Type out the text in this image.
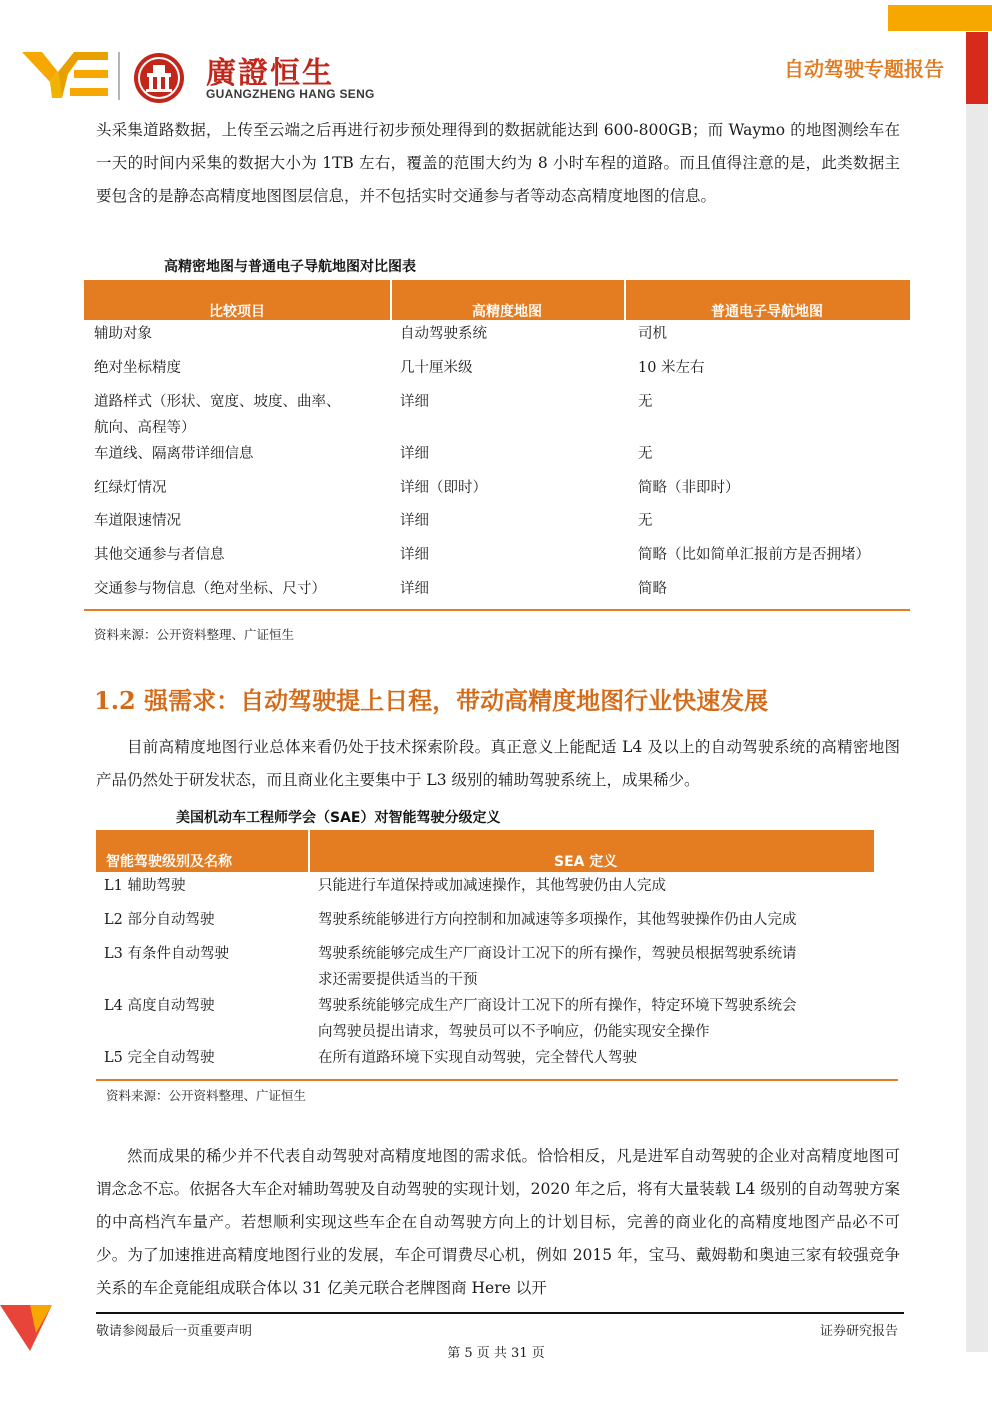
廣證恒生
GUANGZHENG HANG SENG
自动驾驶专题报告
头采集道路数据，上传至云端之后再进行初步预处理得到的数据就能达到 600-800GB；而 Waymo 的地图测绘车在一天的时间内采集的数据大小为 1TB 左右，覆盖的范围大约为 8 小时车程的道路。而且值得注意的是，此类数据主要包含的是静态高精度地图图层信息，并不包括实时交通参与者等动态高精度地图的信息。
高精密地图与普通电子导航地图对比图表
比较项目	高精度地图	普通电子导航地图
辅助对象	自动驾驶系统	司机
绝对坐标精度	几十厘米级	10 米左右
道路样式（形状、宽度、坡度、曲率、	详细	无
航向、高程等）
车道线、隔离带详细信息	详细	无
红绿灯情况	详细（即时）	简略（非即时）
车道限速情况	详细	无
其他交通参与者信息	详细	简略（比如简单汇报前方是否拥堵）
交通参与物信息（绝对坐标、尺寸）	详细	简略
资料来源：公开资料整理、广证恒生
1.2 强需求：自动驾驶提上日程，带动高精度地图行业快速发展
目前高精度地图行业总体来看仍处于技术探索阶段。真正意义上能配适 L4 及以上的自动驾驶系统的高精密地图产品仍然处于研发状态，而且商业化主要集中于 L3 级别的辅助驾驶系统上，成果稀少。
美国机动车工程师学会（SAE）对智能驾驶分级定义
智能驾驶级别及名称	SEA 定义
L1 辅助驾驶	只能进行车道保持或加减速操作，其他驾驶仍由人完成
L2 部分自动驾驶	驾驶系统能够进行方向控制和加减速等多项操作，其他驾驶操作仍由人完成
L3 有条件自动驾驶	驾驶系统能够完成生产厂商设计工况下的所有操作，驾驶员根据驾驶系统请
求还需要提供适当的干预
L4 高度自动驾驶	驾驶系统能够完成生产厂商设计工况下的所有操作，特定环境下驾驶系统会
向驾驶员提出请求，驾驶员可以不予响应，仍能实现安全操作
L5 完全自动驾驶	在所有道路环境下实现自动驾驶，完全替代人驾驶
资料来源：公开资料整理、广证恒生
然而成果的稀少并不代表自动驾驶对高精度地图的需求低。恰恰相反，凡是进军自动驾驶的企业对高精度地图可谓念念不忘。依据各大车企对辅助驾驶及自动驾驶的实现计划，2020 年之后，将有大量装载 L4 级别的自动驾驶方案的中高档汽车量产。若想顺利实现这些车企在自动驾驶方向上的计划目标，完善的商业化的高精度地图产品必不可少。为了加速推进高精度地图行业的发展，车企可谓费尽心机，例如 2015 年，宝马、戴姆勒和奥迪三家有较强竞争关系的车企竟能组成联合体以 31 亿美元联合老牌图商 Here 以开
敬请参阅最后一页重要声明	证券研究报告
第 5 页 共 31 页
